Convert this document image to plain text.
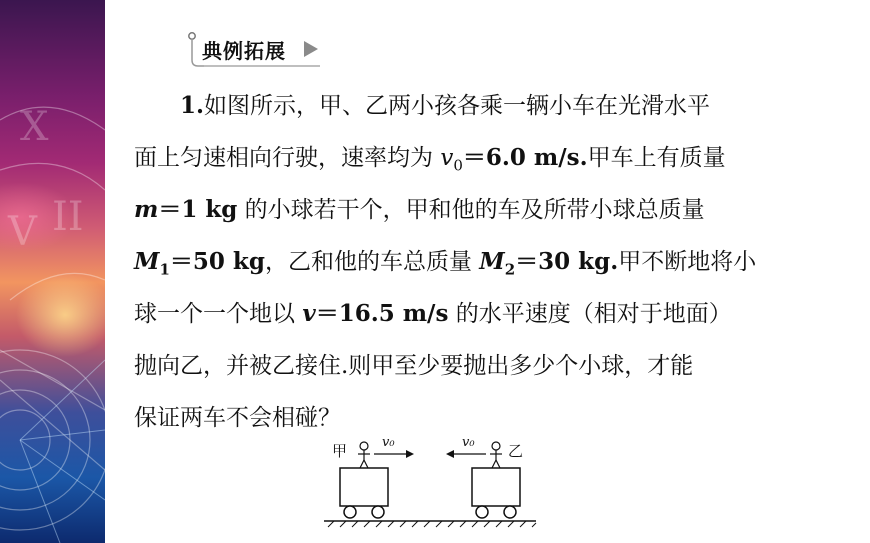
V II
X
典例拓展
1.如图所示，甲、乙两小孩各乘一辆小车在光滑水平
面上匀速相向行驶，速率均为 $v_0=6.0$ m/s.甲车上有质量
m＝1 kg 的小球若干个，甲和他的车及所带小球总质量
$M_1=50$ kg，乙和他的车总质量 $M_2=30$ kg.甲不断地将小
球一个一个地以 v＝16.5 m/s 的水平速度（相对于地面）
抛向乙，并被乙接住.则甲至少要抛出多少个小球，才能
保证两车不会相碰？
甲	v₀	乙
v₀
